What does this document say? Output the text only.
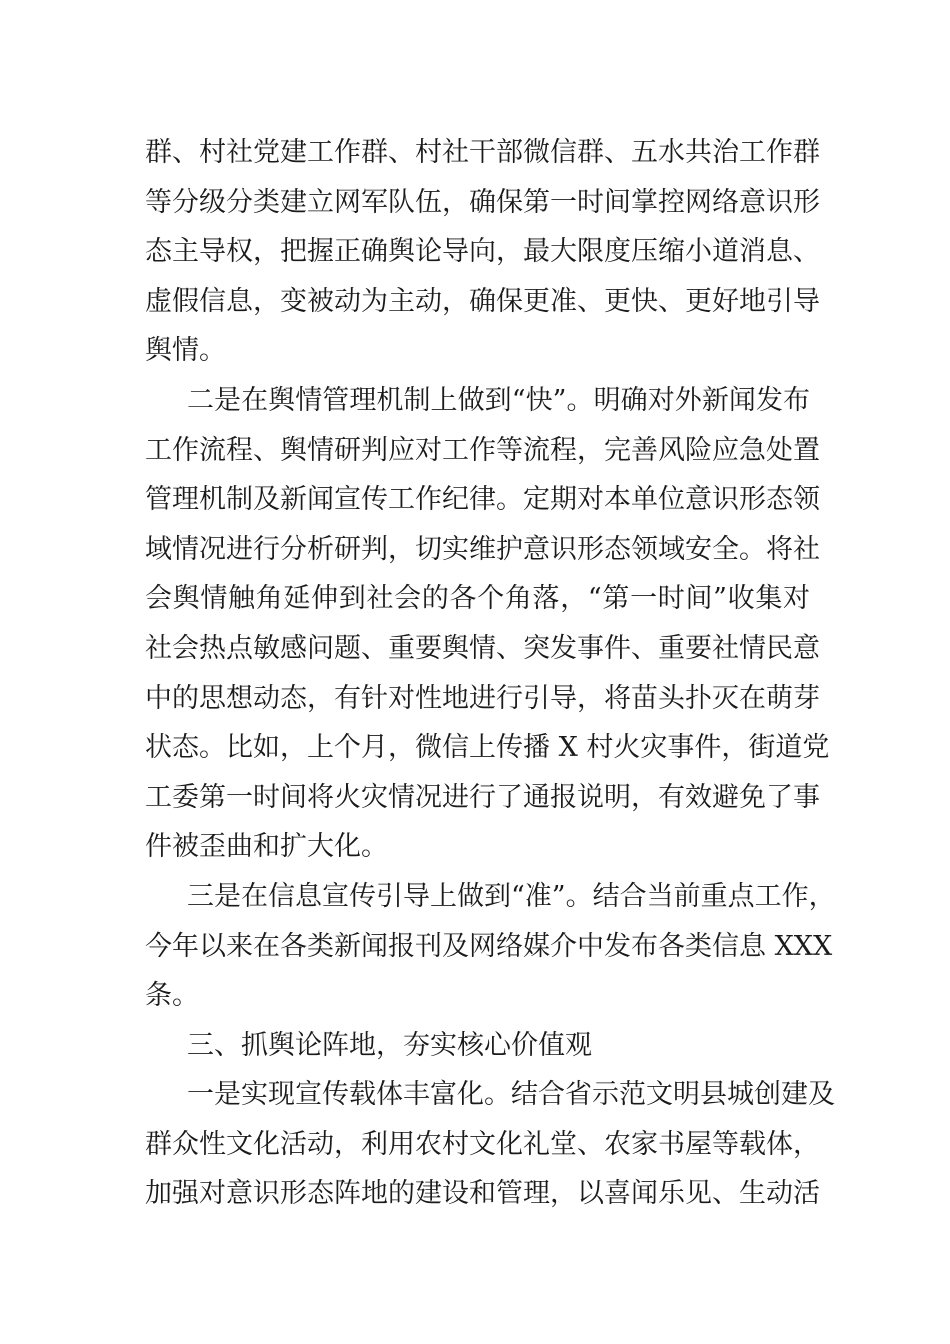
群、村社党建工作群、村社干部微信群、五水共治工作群
等分级分类建立网军队伍，确保第一时间掌控网络意识形
态主导权，把握正确舆论导向，最大限度压缩小道消息、
虚假信息，变被动为主动，确保更准、更快、更好地引导
舆情。
二是在舆情管理机制上做到“快”。明确对外新闻发布
工作流程、舆情研判应对工作等流程，完善风险应急处置
管理机制及新闻宣传工作纪律。定期对本单位意识形态领
域情况进行分析研判，切实维护意识形态领域安全。将社
会舆情触角延伸到社会的各个角落，“第一时间”收集对
社会热点敏感问题、重要舆情、突发事件、重要社情民意
中的思想动态，有针对性地进行引导，将苗头扑灭在萌芽
状态。比如，上个月，微信上传播 X 村火灾事件，街道党
工委第一时间将火灾情况进行了通报说明，有效避免了事
件被歪曲和扩大化。
三是在信息宣传引导上做到“准”。结合当前重点工作，
今年以来在各类新闻报刊及网络媒介中发布各类信息 XXX
条。
三、抓舆论阵地，夯实核心价值观
一是实现宣传载体丰富化。结合省示范文明县城创建及
群众性文化活动，利用农村文化礼堂、农家书屋等载体，
加强对意识形态阵地的建设和管理，以喜闻乐见、生动活
